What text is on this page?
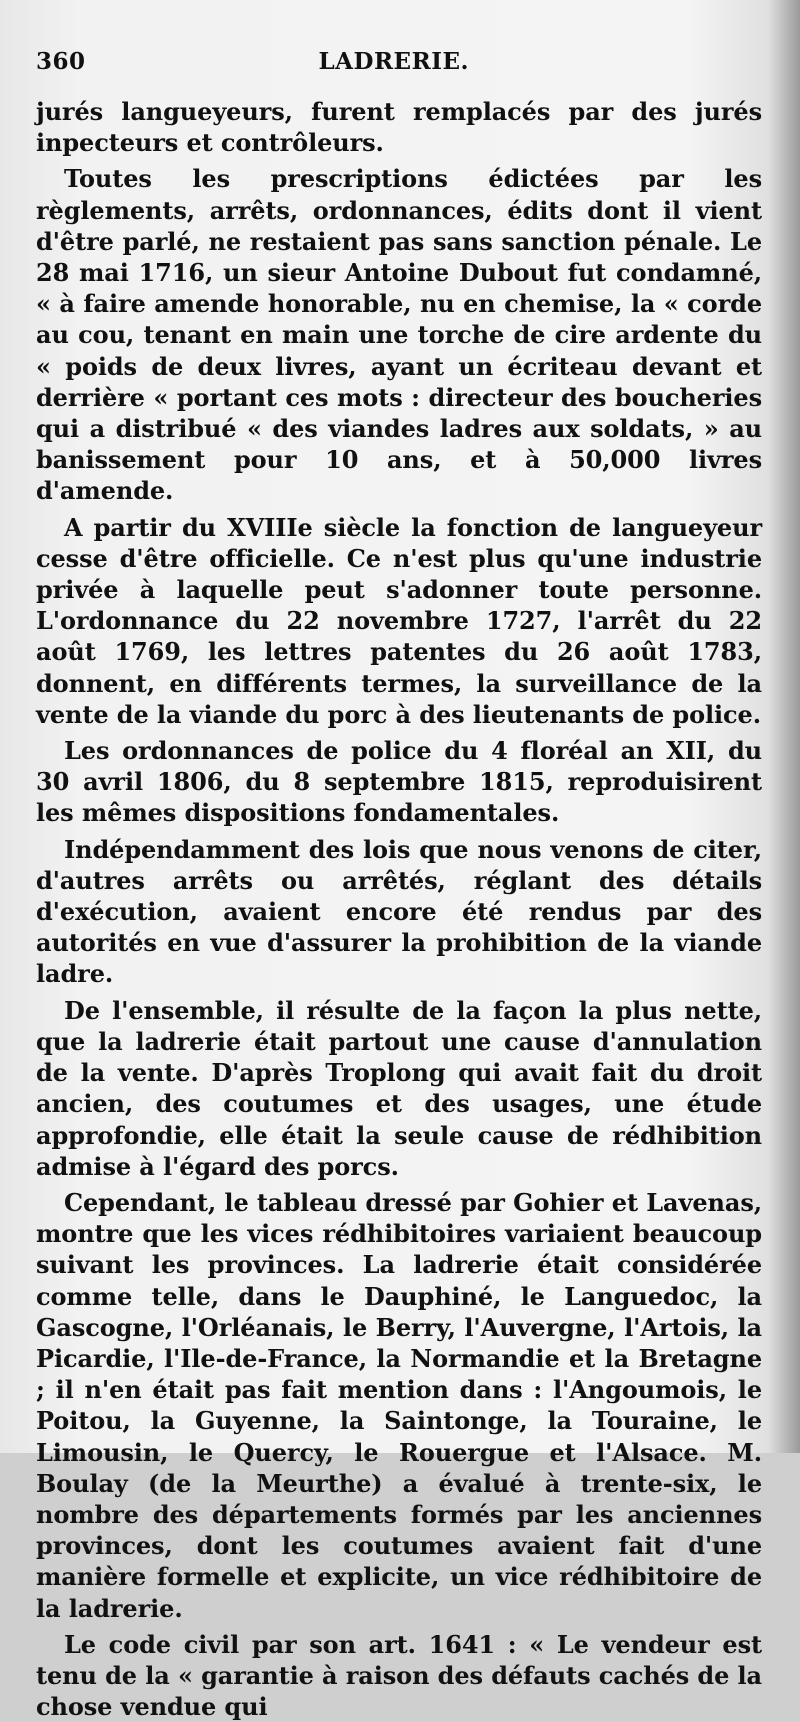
360	LADRERIE.

jurés langueyeurs, furent remplacés par des jurés inpecteurs et contrôleurs.

Toutes les prescriptions édictées par les règlements, arrêts, ordonnances, édits dont il vient d'être parlé, ne restaient pas sans sanction pénale. Le 28 mai 1716, un sieur Antoine Dubout fut condamné, « à faire amende honorable, nu en chemise, la « corde au cou, tenant en main une torche de cire ardente du « poids de deux livres, ayant un écriteau devant et derrière « portant ces mots : directeur des boucheries qui a distribué « des viandes ladres aux soldats, » au banissement pour 10 ans, et à 50,000 livres d'amende.

A partir du XVIIIe siècle la fonction de langueyeur cesse d'être officielle. Ce n'est plus qu'une industrie privée à laquelle peut s'adonner toute personne. L'ordonnance du 22 novembre 1727, l'arrêt du 22 août 1769, les lettres patentes du 26 août 1783, donnent, en différents termes, la surveillance de la vente de la viande du porc à des lieutenants de police.

Les ordonnances de police du 4 floréal an XII, du 30 avril 1806, du 8 septembre 1815, reproduisirent les mêmes dispositions fondamentales.

Indépendamment des lois que nous venons de citer, d'autres arrêts ou arrêtés, réglant des détails d'exécution, avaient encore été rendus par des autorités en vue d'assurer la prohibition de la viande ladre.

De l'ensemble, il résulte de la façon la plus nette, que la ladrerie était partout une cause d'annulation de la vente. D'après Troplong qui avait fait du droit ancien, des coutumes et des usages, une étude approfondie, elle était la seule cause de rédhibition admise à l'égard des porcs.

Cependant, le tableau dressé par Gohier et Lavenas, montre que les vices rédhibitoires variaient beaucoup suivant les provinces. La ladrerie était considérée comme telle, dans le Dauphiné, le Languedoc, la Gascogne, l'Orléanais, le Berry, l'Auvergne, l'Artois, la Picardie, l'Ile-de-France, la Normandie et la Bretagne ; il n'en était pas fait mention dans : l'Angoumois, le Poitou, la Guyenne, la Saintonge, la Touraine, le Limousin, le Quercy, le Rouergue et l'Alsace. M. Boulay (de la Meurthe) a évalué à trente-six, le nombre des départements formés par les anciennes provinces, dont les coutumes avaient fait d'une manière formelle et explicite, un vice rédhibitoire de la ladrerie.

Le code civil par son art. 1641 : « Le vendeur est tenu de la « garantie à raison des défauts cachés de la chose vendue qui
